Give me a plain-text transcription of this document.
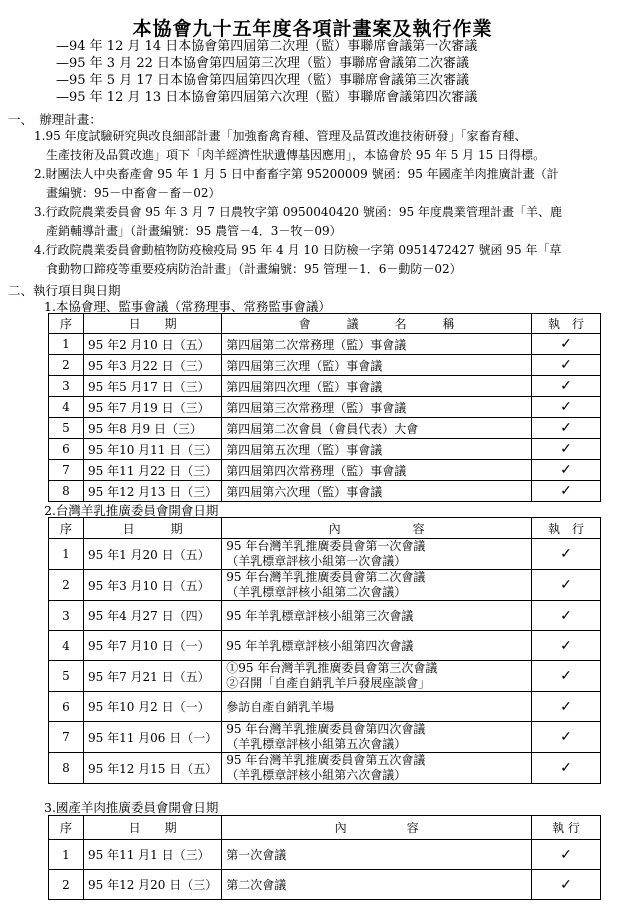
本協會九十五年度各項計畫案及執行作業
—94 年 12 月 14 日本協會第四屆第二次理（監）事聯席會議第一次審議
—95 年 3 月 22 日本協會第四屆第三次理（監）事聯席會議第二次審議
—95 年 5 月 17 日本協會第四屆第四次理（監）事聯席會議第三次審議
—95 年 12 月 13 日本協會第四屆第六次理（監）事聯席會議第四次審議
一、　辦理計畫：
1.95 年度試驗研究與改良細部計畫「加強畜禽育種、管理及品質改進技術研發」「家畜育種、
生產技術及品質改進」項下「肉羊經濟性狀遺傳基因應用」，本協會於 95 年 5 月 15 日得標。
2.財團法人中央畜產會 95 年 1 月 5 日中畜畜字第 95200009 號函：95 年國產羊肉推廣計畫（計
畫編號：95－中畜會－畜－02）
3.行政院農業委員會 95 年 3 月 7 日農牧字第 0950040420 號函：95 年度農業管理計畫「羊、鹿
產銷輔導計畫」（計畫編號：95 農管－4．3－牧－09）
4.行政院農業委員會動植物防疫檢疫局 95 年 4 月 10 日防檢一字第 0951472427 號函 95 年「草
食動物口蹄疫等重要疫病防治計畫」（計畫編號：95 管理－1．6－動防－02）
二、執行項目與日期
1.本協會理、監事會議（常務理事、常務監事會議）
序	日　　期	會　　　議　　　名　　　稱	執　行
1	95 年2 月10 日（五）	第四屆第二次常務理（監）事會議	✓
2	95 年3 月22 日（三）	第四屆第三次理（監）事會議	✓
3	95 年5 月17 日（三）	第四屆第四次理（監）事會議	✓
4	95 年7 月19 日（三）	第四屆第三次常務理（監）事會議	✓
5	95 年8 月9 日（三）	第四屆第二次會員（會員代表）大會	✓
6	95 年10 月11 日（三）	第四屆第五次理（監）事會議	✓
7	95 年11 月22 日（三）	第四屆第四次常務理（監）事會議	✓
8	95 年12 月13 日（三）	第四屆第六次理（監）事會議	✓
2.台灣羊乳推廣委員會開會日期
序	日　　　期	內　　　　　　容	執　行
1	95 年1 月20 日（五）	95 年台灣羊乳推廣委員會第一次會議
（羊乳標章評核小組第一次會議）	✓
2	95 年3 月10 日（五）	95 年台灣羊乳推廣委員會第二次會議
（羊乳標章評核小組第二次會議）	✓
3	95 年4 月27 日（四）	95 年羊乳標章評核小組第三次會議	✓
4	95 年7 月10 日（一）	95 年羊乳標章評核小組第四次會議	✓
5	95 年7 月21 日（五）	①95 年台灣羊乳推廣委員會第三次會議
②召開「自產自銷乳羊戶發展座談會」	✓
6	95 年10 月2 日（一）	參訪自產自銷乳羊場	✓
7	95 年11 月06 日（一）	95 年台灣羊乳推廣委員會第四次會議
（羊乳標章評核小組第五次會議）	✓
8	95 年12 月15 日（五）	95 年台灣羊乳推廣委員會第五次會議
（羊乳標章評核小組第六次會議）	✓
3.國產羊肉推廣委員會開會日期
序	日　　期	內　　　　　容	執 行
1	95 年11 月1 日（三）	第一次會議	✓
2	95 年12 月20 日（三）	第二次會議	✓
